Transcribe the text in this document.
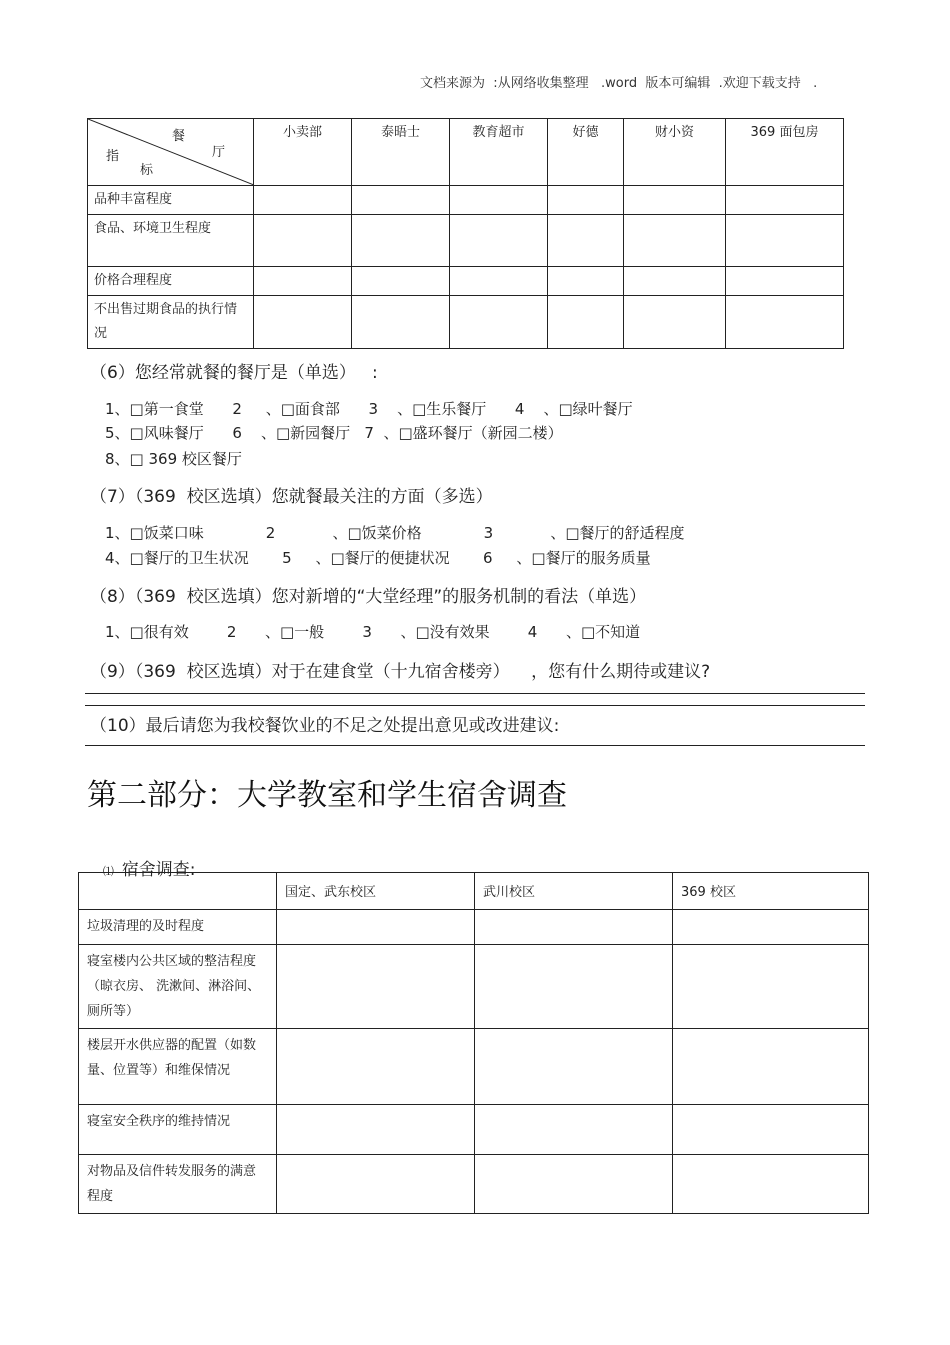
文档来源为  :从网络收集整理   .word  版本可编辑  .欢迎下载支持   .
餐
厅
指
标	小卖部	泰晤士	教育超市	好德	财小资	369 面包房
品种丰富程度						
食品、环境卫生程度						
价格合理程度						
不出售过期食品的执行情况						
（6）您经常就餐的餐厅是（单选）   :
1、□第一食堂      2     、□面食部      3    、□生乐餐厅      4    、□绿叶餐厅
5、□风味餐厅      6    、□新园餐厅   7  、□盛环餐厅（新园二楼）
8、□ 369 校区餐厅
（7）（369  校区选填）您就餐最关注的方面（多选）
1、□饭菜口味             2            、□饭菜价格             3            、□餐厅的舒适程度
4、□餐厅的卫生状况       5     、□餐厅的便捷状况       6     、□餐厅的服务质量
（8）（369  校区选填）您对新增的“大堂经理”的服务机制的看法（单选）
1、□很有效        2      、□一般        3      、□没有效果        4      、□不知道
（9）（369  校区选填）对于在建食堂（十九宿舍楼旁）    ，您有什么期待或建议?
（10）最后请您为我校餐饮业的不足之处提出意见或改进建议:
第二部分：大学教室和学生宿舍调查

⑴ 宿舍调查:

	国定、武东校区	武川校区	369 校区
垃圾清理的及时程度			
寝室楼内公共区域的整洁程度（晾衣房、 洗漱间、淋浴间、厕所等）			
楼层开水供应器的配置（如数量、位置等）和维保情况			
寝室安全秩序的维持情况			
对物品及信件转发服务的满意程度			
